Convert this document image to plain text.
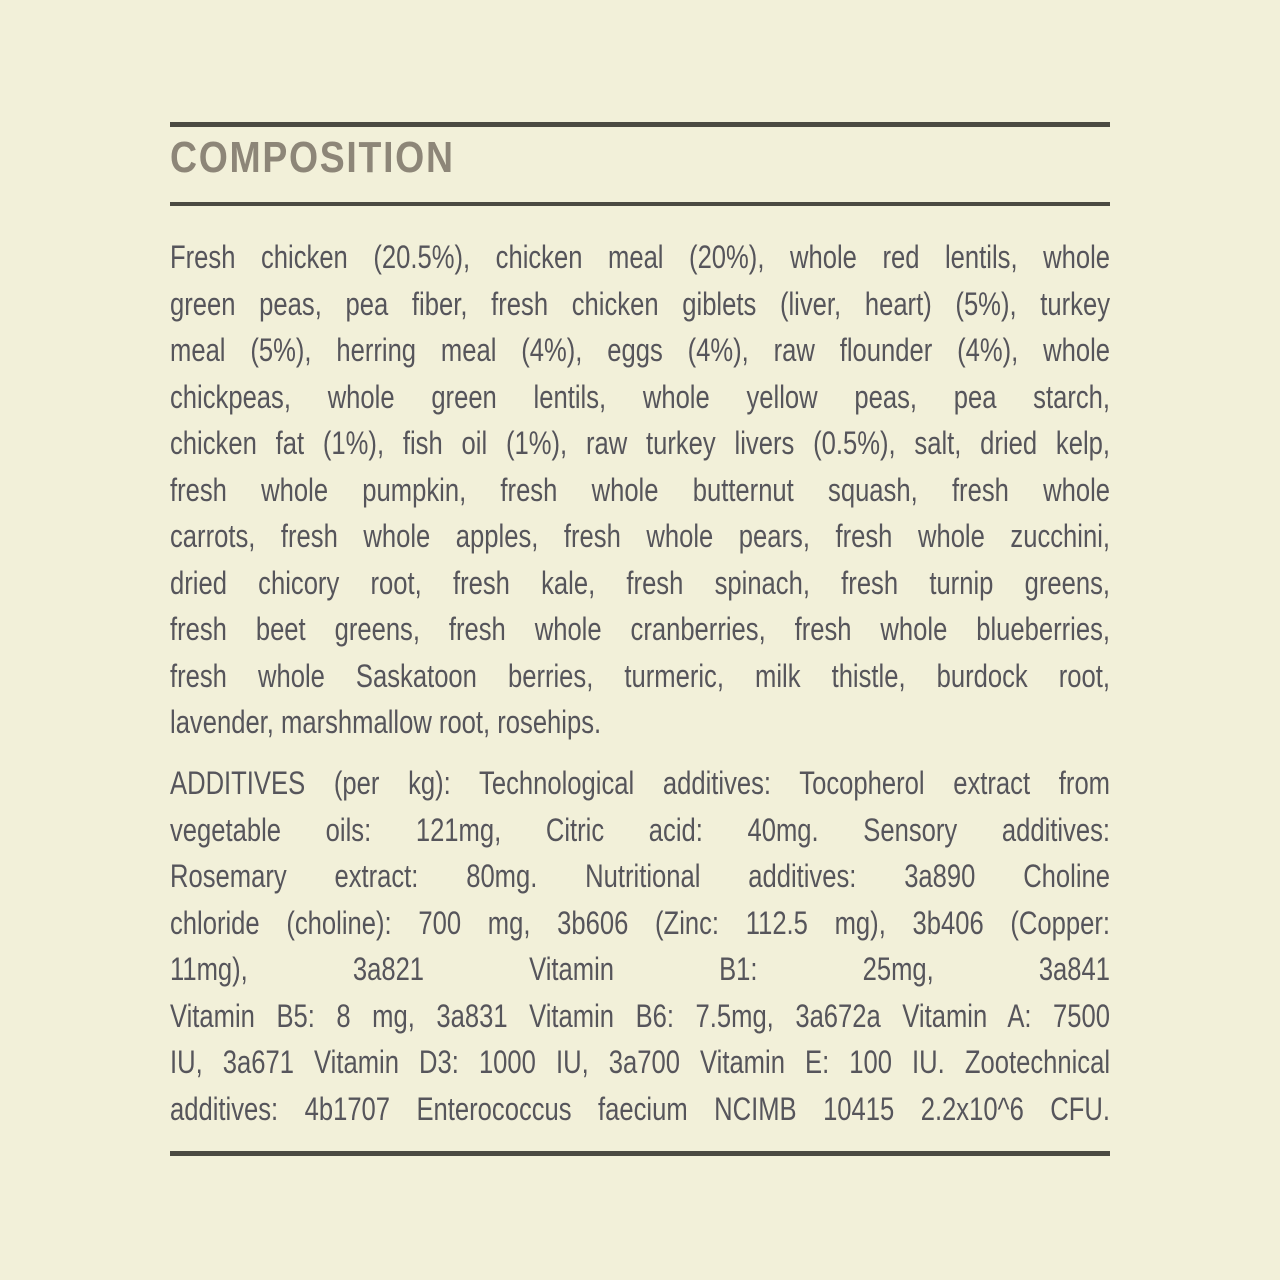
COMPOSITION
Fresh chicken (20.5%), chicken meal (20%), whole red lentils, whole
green peas, pea fiber, fresh chicken giblets (liver, heart) (5%), turkey
meal (5%), herring meal (4%), eggs (4%), raw flounder (4%), whole
chickpeas, whole green lentils, whole yellow peas, pea starch,
chicken fat (1%), fish oil (1%), raw turkey livers (0.5%), salt, dried kelp,
fresh whole pumpkin, fresh whole butternut squash, fresh whole
carrots, fresh whole apples, fresh whole pears, fresh whole zucchini,
dried chicory root, fresh kale, fresh spinach, fresh turnip greens,
fresh beet greens, fresh whole cranberries, fresh whole blueberries,
fresh whole Saskatoon berries, turmeric, milk thistle, burdock root,
lavender, marshmallow root, rosehips.
ADDITIVES (per kg): Technological additives: Tocopherol extract from
vegetable oils: 121mg, Citric acid: 40mg. Sensory additives:
Rosemary extract: 80mg. Nutritional additives: 3a890 Choline
chloride (choline): 700 mg, 3b606 (Zinc: 112.5 mg), 3b406 (Copper:
11mg), 3a821 Vitamin B1: 25mg, 3a841
Vitamin B5: 8 mg, 3a831 Vitamin B6: 7.5mg, 3a672a Vitamin A: 7500
IU, 3a671 Vitamin D3: 1000 IU, 3a700 Vitamin E: 100 IU. Zootechnical
additives: 4b1707 Enterococcus faecium NCIMB 10415 2.2x10^6 CFU.
